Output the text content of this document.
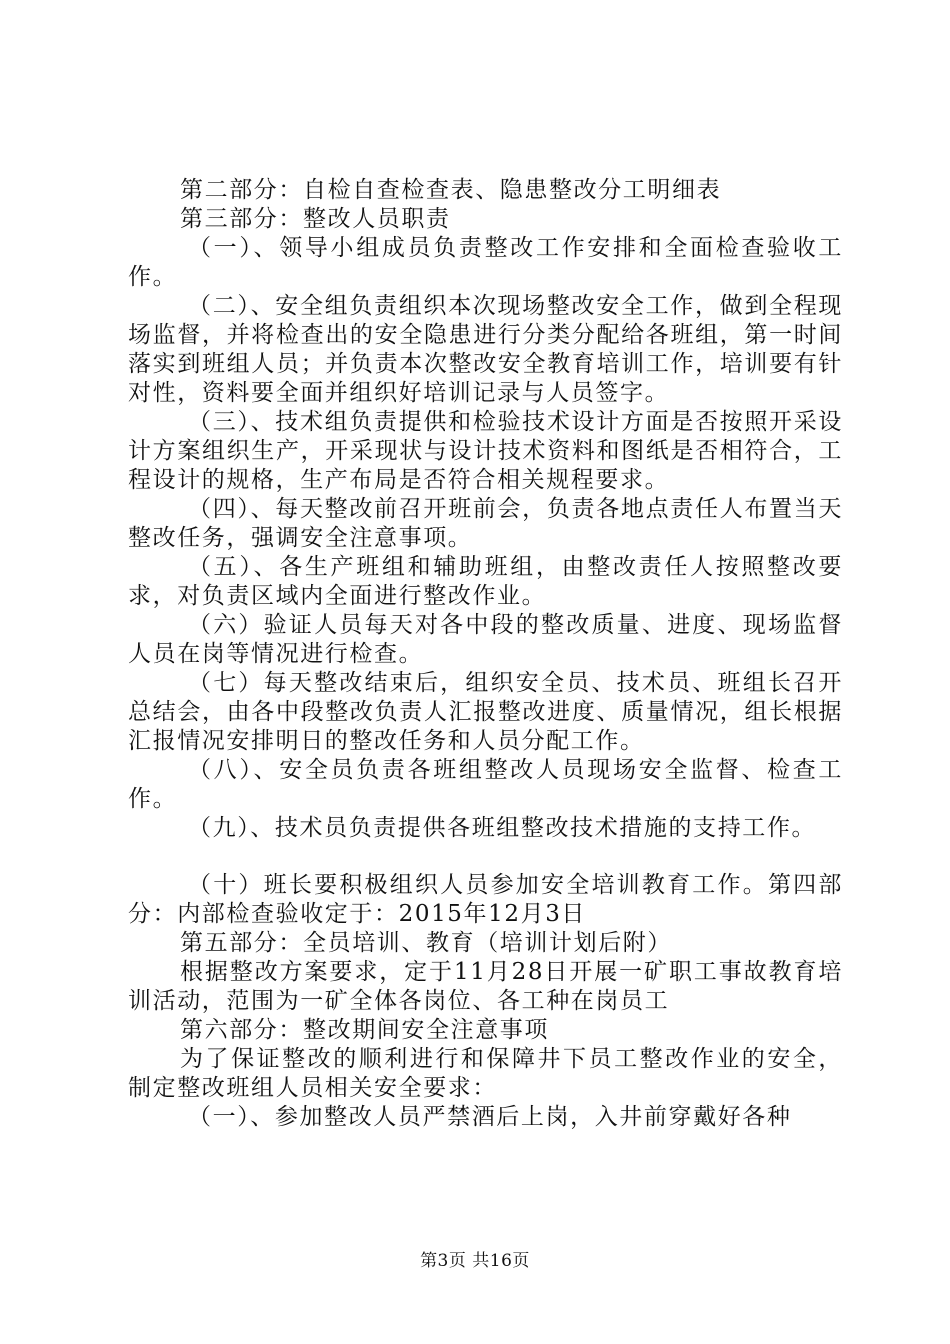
第二部分：自检自查检查表、隐患整改分工明细表

第三部分：整改人员职责

（一）、领导小组成员负责整改工作安排和全面检查验收工作。

（二）、安全组负责组织本次现场整改安全工作，做到全程现场监督，并将检查出的安全隐患进行分类分配给各班组，第一时间落实到班组人员；并负责本次整改安全教育培训工作，培训要有针对性，资料要全面并组织好培训记录与人员签字。

（三）、技术组负责提供和检验技术设计方面是否按照开采设计方案组织生产，开采现状与设计技术资料和图纸是否相符合，工程设计的规格，生产布局是否符合相关规程要求。

（四）、每天整改前召开班前会，负责各地点责任人布置当天整改任务，强调安全注意事项。

（五）、各生产班组和辅助班组，由整改责任人按照整改要求，对负责区域内全面进行整改作业。

（六）验证人员每天对各中段的整改质量、进度、现场监督人员在岗等情况进行检查。

（七）每天整改结束后，组织安全员、技术员、班组长召开总结会，由各中段整改负责人汇报整改进度、质量情况，组长根据汇报情况安排明日的整改任务和人员分配工作。

（八）、安全员负责各班组整改人员现场安全监督、检查工作。

（九）、技术员负责提供各班组整改技术措施的支持工作。

（十）班长要积极组织人员参加安全培训教育工作。第四部分：内部检查验收定于：2015年12月3日

第五部分：全员培训、教育（培训计划后附）

根据整改方案要求，定于11月28日开展一矿职工事故教育培训活动，范围为一矿全体各岗位、各工种在岗员工

第六部分：整改期间安全注意事项

为了保证整改的顺利进行和保障井下员工整改作业的安全，制定整改班组人员相关安全要求：

（一）、参加整改人员严禁酒后上岗，入井前穿戴好各种

第3页 共16页
